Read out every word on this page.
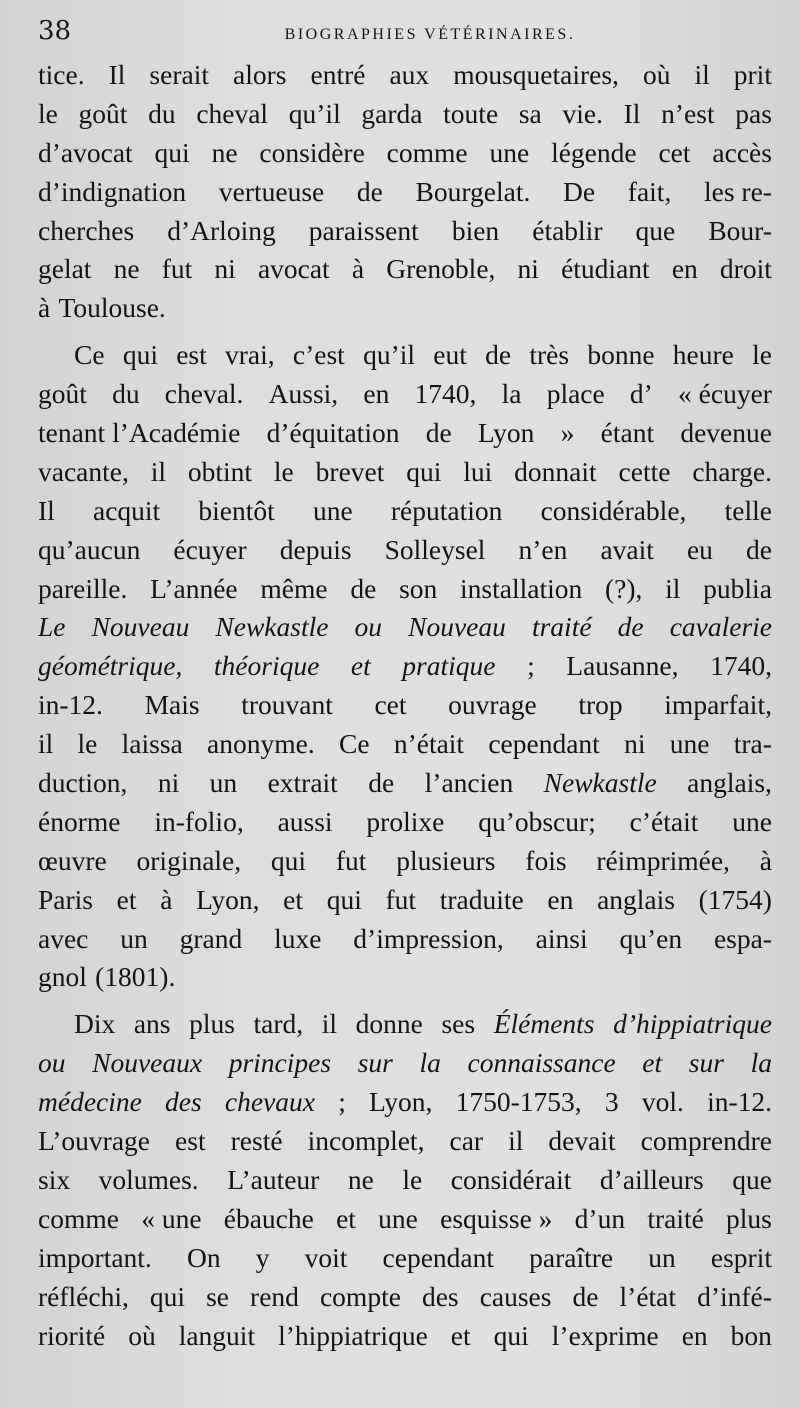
38	BIOGRAPHIES VÉTÉRINAIRES.
tice. Il serait alors entré aux mousquetaires, où il prit
le goût du cheval qu’il garda toute sa vie. Il n’est pas
d’avocat qui ne considère comme une légende cet accès
d’indignation vertueuse de Bourgelat. De fait, les re-
cherches d’Arloing paraissent bien établir que Bour-
gelat ne fut ni avocat à Grenoble, ni étudiant en droit
à Toulouse.
Ce qui est vrai, c’est qu’il eut de très bonne heure le
goût du cheval. Aussi, en 1740, la place d’ « écuyer
tenant l’Académie d’équitation de Lyon » étant devenue
vacante, il obtint le brevet qui lui donnait cette charge.
Il acquit bientôt une réputation considérable, telle
qu’aucun écuyer depuis Solleysel n’en avait eu de
pareille. L’année même de son installation (?), il publia
Le Nouveau Newkastle ou Nouveau traité de cavalerie
géométrique, théorique et pratique ; Lausanne, 1740,
in-12. Mais trouvant cet ouvrage trop imparfait,
il le laissa anonyme. Ce n’était cependant ni une tra-
duction, ni un extrait de l’ancien Newkastle anglais,
énorme in-folio, aussi prolixe qu’obscur; c’était une
œuvre originale, qui fut plusieurs fois réimprimée, à
Paris et à Lyon, et qui fut traduite en anglais (1754)
avec un grand luxe d’impression, ainsi qu’en espa-
gnol (1801).
Dix ans plus tard, il donne ses Éléments d’hippiatrique
ou Nouveaux principes sur la connaissance et sur la
médecine des chevaux ; Lyon, 1750-1753, 3 vol. in-12.
L’ouvrage est resté incomplet, car il devait comprendre
six volumes. L’auteur ne le considérait d’ailleurs que
comme « une ébauche et une esquisse » d’un traité plus
important. On y voit cependant paraître un esprit
réfléchi, qui se rend compte des causes de l’état d’infé-
riorité où languit l’hippiatrique et qui l’exprime en bon
